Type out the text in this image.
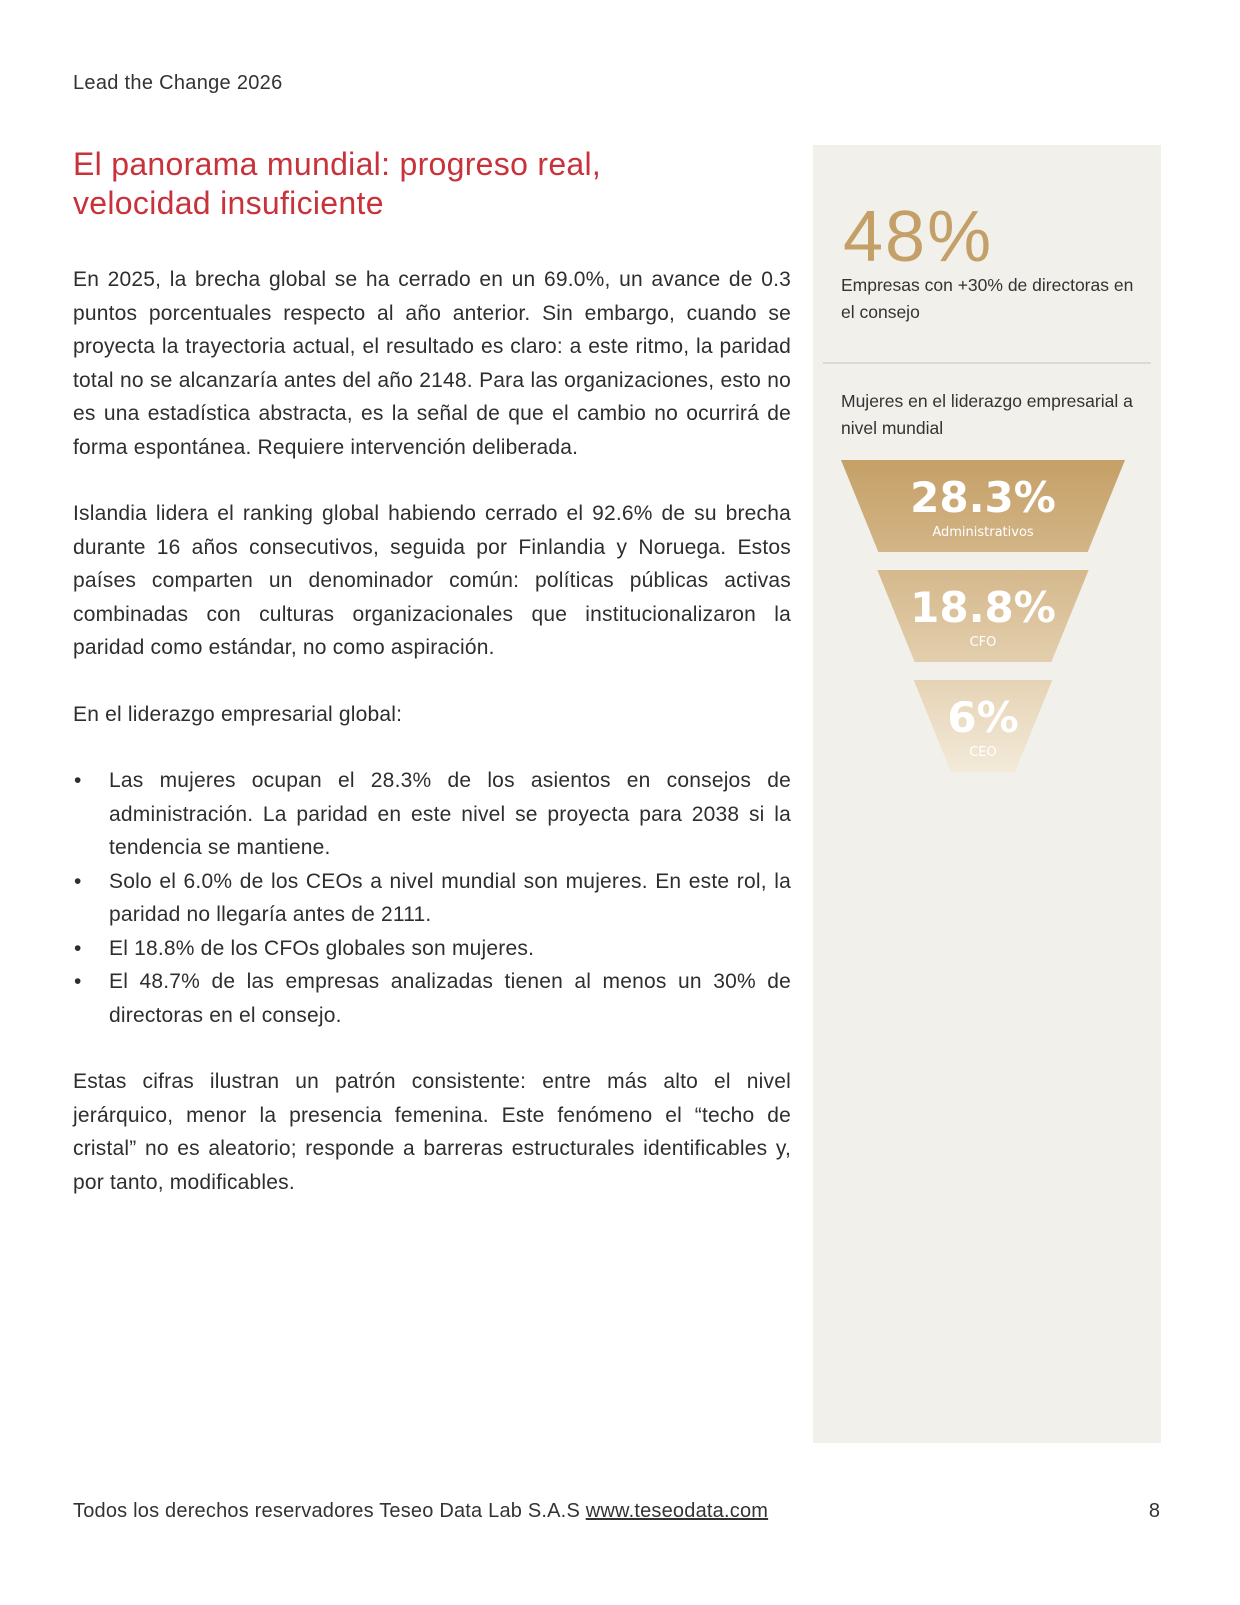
Lead the Change 2026
El panorama mundial: progreso real,
velocidad insuficiente

En 2025, la brecha global se ha cerrado en un 69.0%, un avance de 0.3 puntos porcentuales respecto al año anterior. Sin embargo, cuando se proyecta la trayectoria actual, el resultado es claro: a este ritmo, la paridad total no se alcanzaría antes del año 2148. Para las organizaciones, esto no es una estadística abstracta, es la señal de que el cambio no ocurrirá de forma espontánea. Requiere intervención deliberada.

Islandia lidera el ranking global habiendo cerrado el 92.6% de su brecha durante 16 años consecutivos, seguida por Finlandia y Noruega. Estos países comparten un denominador común: políticas públicas activas combinadas con culturas organizacionales que institucionalizaron la paridad como estándar, no como aspiración.

En el liderazgo empresarial global:

• Las mujeres ocupan el 28.3% de los asientos en consejos de administración. La paridad en este nivel se proyecta para 2038 si la tendencia se mantiene.
• Solo el 6.0% de los CEOs a nivel mundial son mujeres. En este rol, la paridad no llegaría antes de 2111.
• El 18.8% de los CFOs globales son mujeres.
• El 48.7% de las empresas analizadas tienen al menos un 30% de directoras en el consejo.

Estas cifras ilustran un patrón consistente: entre más alto el nivel jerárquico, menor la presencia femenina. Este fenómeno el “techo de cristal” no es aleatorio; responde a barreras estructurales identificables y, por tanto, modificables.

48%
Empresas con +30% de directoras en el consejo
Mujeres en el liderazgo empresarial a nivel mundial
28.3%
Administrativos
18.8%
CFO
6%
CEO
Todos los derechos reservadores Teseo Data Lab S.A.S www.teseodata.com	8
